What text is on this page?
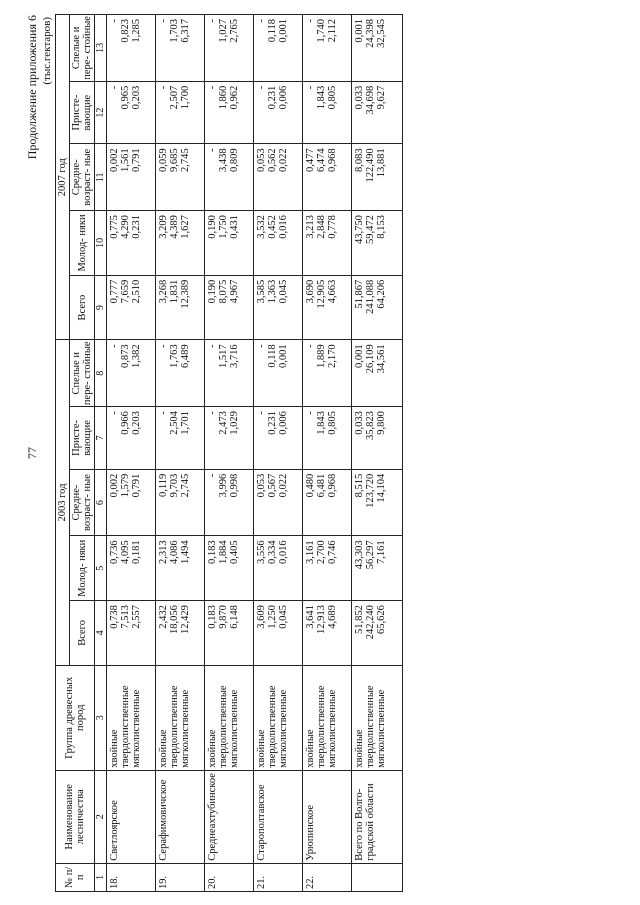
77
Продолжение приложения 6 (тыс.гектаров)
№ п/п	Наименование лесничества	Группа древесных пород	2003 год					2007 год				
			Всего	Молод- няки	Средне- возраст- ные	Присте- вающие	Спелые и пере- стойные	Всего	Молод- няки	Средне- возраст- ные	Присте- вающие	Спелые и пере- стойные
1	2	3	4	5	6	7	8	9	10	11	12	13
18.	Светлоярское	хвойные твердолиственные мягколиственные	0,738 7,513 2,557	0,736 4,095 0,181	0,002 1,579 0,791	- 0,966 0,203	- 0,873 1,382	0,777 7,659 2,510	0,775 4,290 0,231	0,002 1,561 0,791	- 0,965 0,203	- 0,823 1,285

19.	Серафимовичское	хвойные твердолиственные мягколиственные	2,432 18,056 12,429	2,313 4,086 1,494	0,119 9,703 2,745	- 2,504 1,701	- 1,763 6,489	3,268 1,831 12,389	3,209 4,389 1,627	0,059 9,685 2,745	- 2,507 1,700	- 1,703 6,317

20.	Среднеахтубинское	хвойные твердолиственные мягколиственные	0,183 9,870 6,148	0,183 1,884 0,405	- 3,996 0,998	- 2,473 1,029	- 1,517 3,716	0,190 8,075 4,967	0,190 1,750 0,431	- 3,438 0,809	- 1,860 0,962	- 1,027 2,765

21.	Старополтавское	хвойные твердолиственные мягколиственные	3,609 1,250 0,045	3,556 0,334 0,016	0,053 0,567 0,022	- 0,231 0,006	- 0,118 0,001	3,585 1,363 0,045	3,532 0,452 0,016	0,053 0,562 0,022	- 0,231 0,006	- 0,118 0,001

22.	Урюпинское	хвойные твердолиственные мягколиственные	3,641 12,913 4,689	3,161 2,700 0,746	0,480 6,481 0,968	- 1,843 0,805	- 1,889 2,170	3,690 12,905 4,663	3,213 2,848 0,778	0,477 6,474 0,968	- 1,843 0,805	- 1,740 2,112

	Всего по Волго- градской области	хвойные твердолиственные мягколиственные	51,852 242,240 65,626	43,303 56,297 7,161	8,515 123,720 14,104	0,033 35,823 9,800	0,001 26,109 34,561	51,867 241,088 64,206	43,750 59,472 8,153	8,083 122,490 13,881	0,033 34,698 9,627	0,001 24,398 32,545
